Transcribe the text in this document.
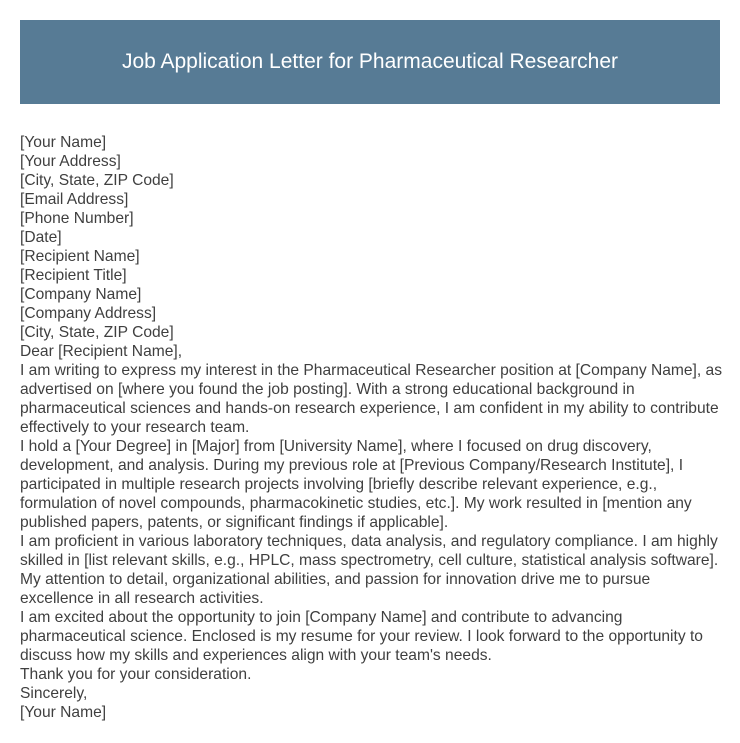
Job Application Letter for Pharmaceutical Researcher

[Your Name]

[Your Address]

[City, State, ZIP Code]

[Email Address]

[Phone Number]

[Date]

[Recipient Name]

[Recipient Title]

[Company Name]

[Company Address]

[City, State, ZIP Code]

Dear [Recipient Name],

I am writing to express my interest in the Pharmaceutical Researcher position at [Company Name], as advertised on [where you found the job posting]. With a strong educational background in pharmaceutical sciences and hands-on research experience, I am confident in my ability to contribute effectively to your research team.

I hold a [Your Degree] in [Major] from [University Name], where I focused on drug discovery, development, and analysis. During my previous role at [Previous Company/Research Institute], I participated in multiple research projects involving [briefly describe relevant experience, e.g., formulation of novel compounds, pharmacokinetic studies, etc.]. My work resulted in [mention any published papers, patents, or significant findings if applicable].

I am proficient in various laboratory techniques, data analysis, and regulatory compliance. I am highly skilled in [list relevant skills, e.g., HPLC, mass spectrometry, cell culture, statistical analysis software]. My attention to detail, organizational abilities, and passion for innovation drive me to pursue excellence in all research activities.

I am excited about the opportunity to join [Company Name] and contribute to advancing pharmaceutical science. Enclosed is my resume for your review. I look forward to the opportunity to discuss how my skills and experiences align with your team's needs.

Thank you for your consideration.

Sincerely,

[Your Name]
